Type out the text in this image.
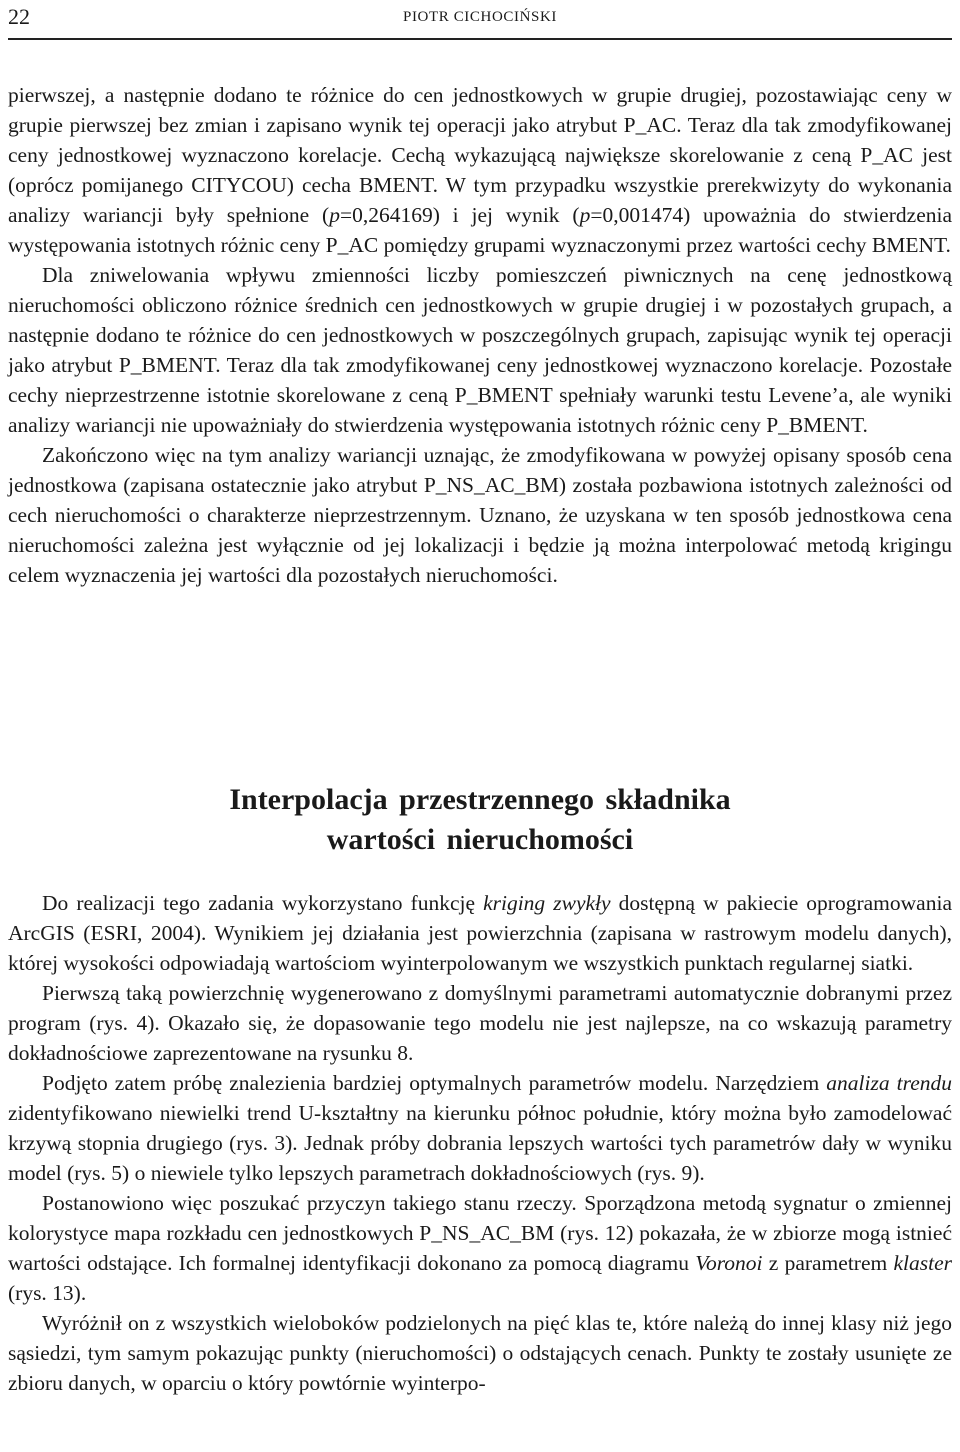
22	PIOTR CICHOCIŃSKI

pierwszej, a następnie dodano te różnice do cen jednostkowych w grupie drugiej, pozostawiając ceny w grupie pierwszej bez zmian i zapisano wynik tej operacji jako atrybut P_AC. Teraz dla tak zmodyfikowanej ceny jednostkowej wyznaczono korelacje. Cechą wykazującą największe skorelowanie z ceną P_AC jest (oprócz pomijanego CITYCOU) cecha BMENT. W tym przypadku wszystkie prerekwizyty do wykonania analizy wariancji były spełnione (p=0,264169) i jej wynik (p=0,001474) upoważnia do stwierdzenia występowania istotnych różnic ceny P_AC pomiędzy grupami wyznaczonymi przez wartości cechy BMENT.

Dla zniwelowania wpływu zmienności liczby pomieszczeń piwnicznych na cenę jednostkową nieruchomości obliczono różnice średnich cen jednostkowych w grupie drugiej i w pozostałych grupach, a następnie dodano te różnice do cen jednostkowych w poszczególnych grupach, zapisując wynik tej operacji jako atrybut P_BMENT. Teraz dla tak zmodyfikowanej ceny jednostkowej wyznaczono korelacje. Pozostałe cechy nieprzestrzenne istotnie skorelowane z ceną P_BMENT spełniały warunki testu Levene’a, ale wyniki analizy wariancji nie upoważniały do stwierdzenia występowania istotnych różnic ceny P_BMENT.

Zakończono więc na tym analizy wariancji uznając, że zmodyfikowana w powyżej opisany sposób cena jednostkowa (zapisana ostatecznie jako atrybut P_NS_AC_BM) została pozbawiona istotnych zależności od cech nieruchomości o charakterze nieprzestrzennym. Uznano, że uzyskana w ten sposób jednostkowa cena nieruchomości zależna jest wyłącznie od jej lokalizacji i będzie ją można interpolować metodą krigingu celem wyznaczenia jej wartości dla pozostałych nieruchomości.

Interpolacja przestrzennego składnika
wartości nieruchomości

Do realizacji tego zadania wykorzystano funkcję kriging zwykły dostępną w pakiecie oprogramowania ArcGIS (ESRI, 2004). Wynikiem jej działania jest powierzchnia (zapisana w rastrowym modelu danych), której wysokości odpowiadają wartościom wyinterpolowanym we wszystkich punktach regularnej siatki.

Pierwszą taką powierzchnię wygenerowano z domyślnymi parametrami automatycznie dobranymi przez program (rys. 4). Okazało się, że dopasowanie tego modelu nie jest najlepsze, na co wskazują parametry dokładnościowe zaprezentowane na rysunku 8.

Podjęto zatem próbę znalezienia bardziej optymalnych parametrów modelu. Narzędziem analiza trendu zidentyfikowano niewielki trend U-kształtny na kierunku północ południe, który można było zamodelować krzywą stopnia drugiego (rys. 3). Jednak próby dobrania lepszych wartości tych parametrów dały w wyniku model (rys. 5) o niewiele tylko lepszych parametrach dokładnościowych (rys. 9).

Postanowiono więc poszukać przyczyn takiego stanu rzeczy. Sporządzona metodą sygnatur o zmiennej kolorystyce mapa rozkładu cen jednostkowych P_NS_AC_BM (rys. 12) pokazała, że w zbiorze mogą istnieć wartości odstające. Ich formalnej identyfikacji dokonano za pomocą diagramu Voronoi z parametrem klaster (rys. 13).

Wyróżnił on z wszystkich wieloboków podzielonych na pięć klas te, które należą do innej klasy niż jego sąsiedzi, tym samym pokazując punkty (nieruchomości) o odstających cenach. Punkty te zostały usunięte ze zbioru danych, w oparciu o który powtórnie wyinterpo-
